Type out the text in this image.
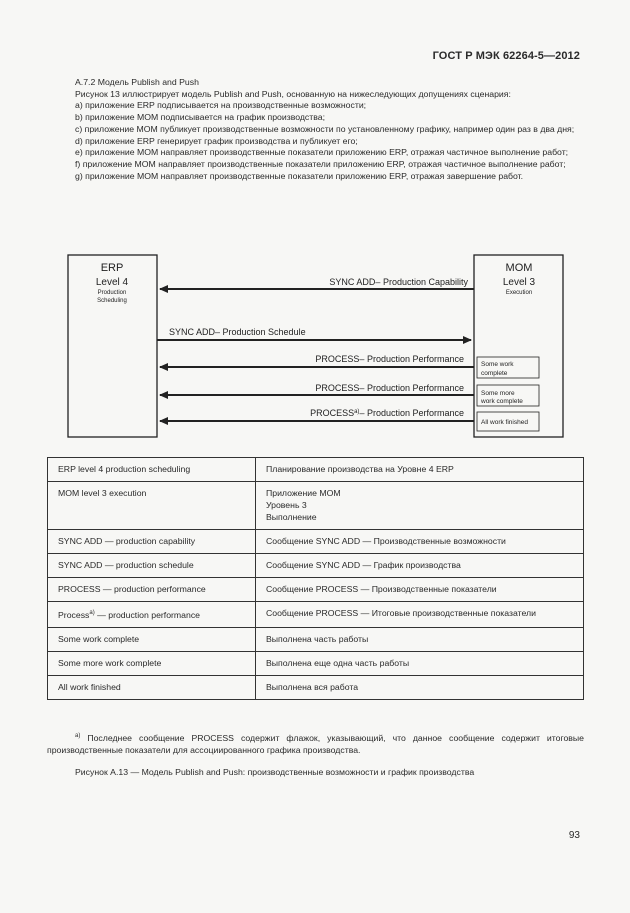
ГОСТ Р МЭК 62264-5—2012

A.7.2 Модель Publish and Push

Рисунок 13 иллюстрирует модель Publish and Push, основанную на нижеследующих допущениях сценария:

a) приложение ERP подписывается на производственные возможности;

b) приложение MOM подписывается на график производства;

c) приложение MOM публикует производственные возможности по установленному графику, например один раз в два дня;

d) приложение ERP генерирует график производства и публикует его;

e) приложение MOM направляет производственные показатели приложению ERP, отражая частичное выполнение работ;

f) приложение MOM направляет производственные показатели приложению ERP, отражая частичное выполнение работ;

g) приложение MOM направляет производственные показатели приложению ERP, отражая завершение работ.

ERP
Level 4
Production
Scheduling
MOM
Level 3
Execution
SYNC ADD– Production Capability
SYNC ADD– Production Schedule
PROCESS– Production Performance
PROCESS– Production Performance
PROCESS$^{a)}$– Production Performance
Some work
complete
Some more
work complete
All work finished
ERP level 4 production scheduling	Планирование производства на Уровне 4 ERP
MOM level 3 execution	Приложение MOM
Уровень 3
Выполнение

SYNC ADD — production capability	Сообщение SYNC ADD — Производственные возможности
SYNC ADD — production schedule	Сообщение SYNC ADD — График производства
PROCESS — production performance	Сообщение PROCESS — Производственные показатели
Process$^{a)}$ — production performance	Сообщение PROCESS — Итоговые производственные показатели
Some work complete	Выполнена часть работы
Some more work complete	Выполнена еще одна часть работы
All work finished	Выполнена вся работа
$^{a)}$ Последнее сообщение PROCESS содержит флажок, указывающий, что данное сообщение содержит итоговые производственные показатели для ассоциированного графика производства.
Рисунок А.13 — Модель Publish and Push: производственные возможности и график производства
93
